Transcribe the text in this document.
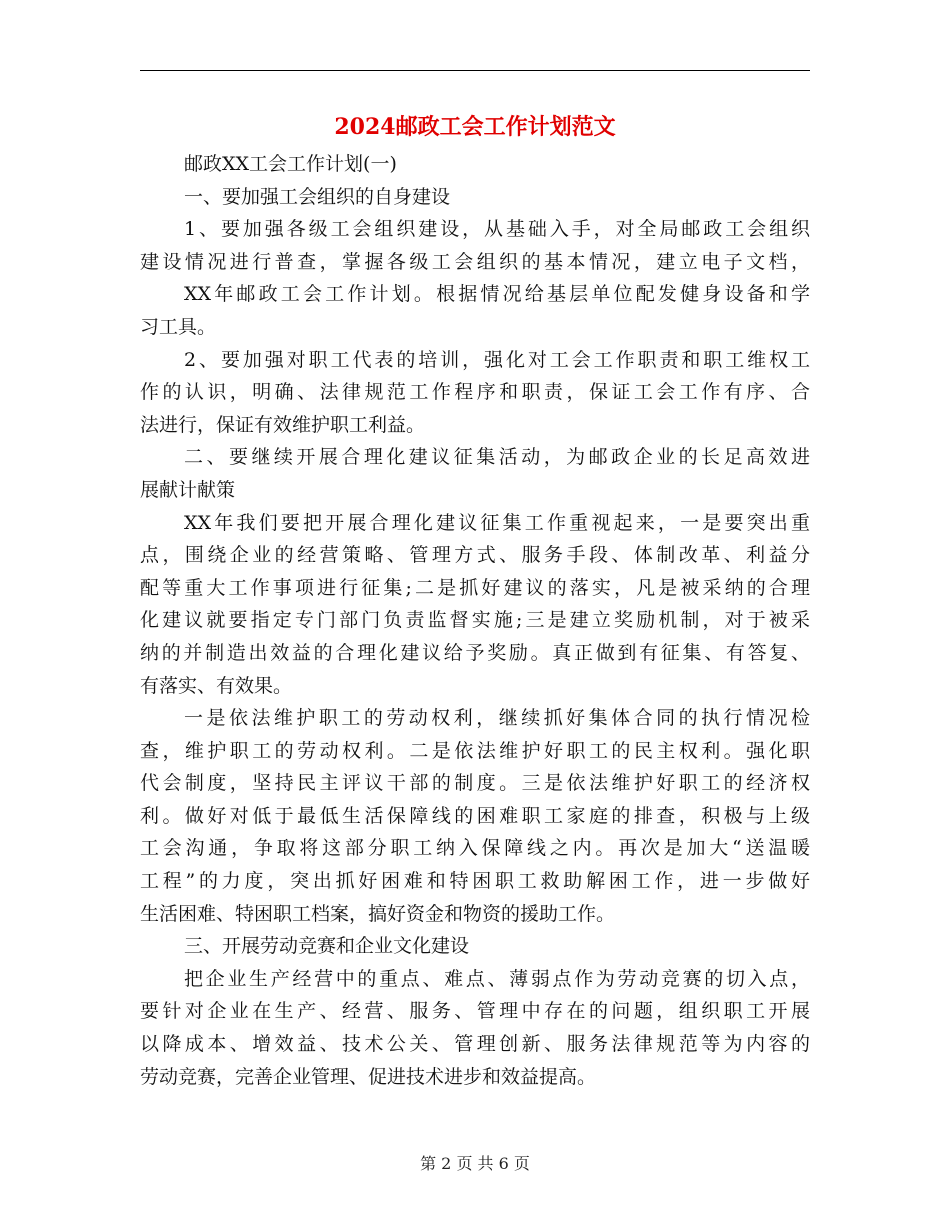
2024邮政工会工作计划范文
邮政XX工会工作计划(一)
一、要加强工会组织的自身建设
1、要加强各级工会组织建设，从基础入手，对全局邮政工会组织
建设情况进行普查，掌握各级工会组织的基本情况，建立电子文档，
XX年邮政工会工作计划。根据情况给基层单位配发健身设备和学
习工具。
2、要加强对职工代表的培训，强化对工会工作职责和职工维权工
作的认识，明确、法律规范工作程序和职责，保证工会工作有序、合
法进行，保证有效维护职工利益。
二、要继续开展合理化建议征集活动，为邮政企业的长足高效进
展献计献策
XX年我们要把开展合理化建议征集工作重视起来，一是要突出重
点，围绕企业的经营策略、管理方式、服务手段、体制改革、利益分
配等重大工作事项进行征集;二是抓好建议的落实，凡是被采纳的合理
化建议就要指定专门部门负责监督实施;三是建立奖励机制，对于被采
纳的并制造出效益的合理化建议给予奖励。真正做到有征集、有答复、
有落实、有效果。
一是依法维护职工的劳动权利，继续抓好集体合同的执行情况检
查，维护职工的劳动权利。二是依法维护好职工的民主权利。强化职
代会制度，坚持民主评议干部的制度。三是依法维护好职工的经济权
利。做好对低于最低生活保障线的困难职工家庭的排查，积极与上级
工会沟通，争取将这部分职工纳入保障线之内。再次是加大“送温暖
工程”的力度，突出抓好困难和特困职工救助解困工作，进一步做好
生活困难、特困职工档案，搞好资金和物资的援助工作。
三、开展劳动竞赛和企业文化建设
把企业生产经营中的重点、难点、薄弱点作为劳动竞赛的切入点，
要针对企业在生产、经营、服务、管理中存在的问题，组织职工开展
以降成本、增效益、技术公关、管理创新、服务法律规范等为内容的
劳动竞赛，完善企业管理、促进技术进步和效益提高。
第 2 页 共 6 页
